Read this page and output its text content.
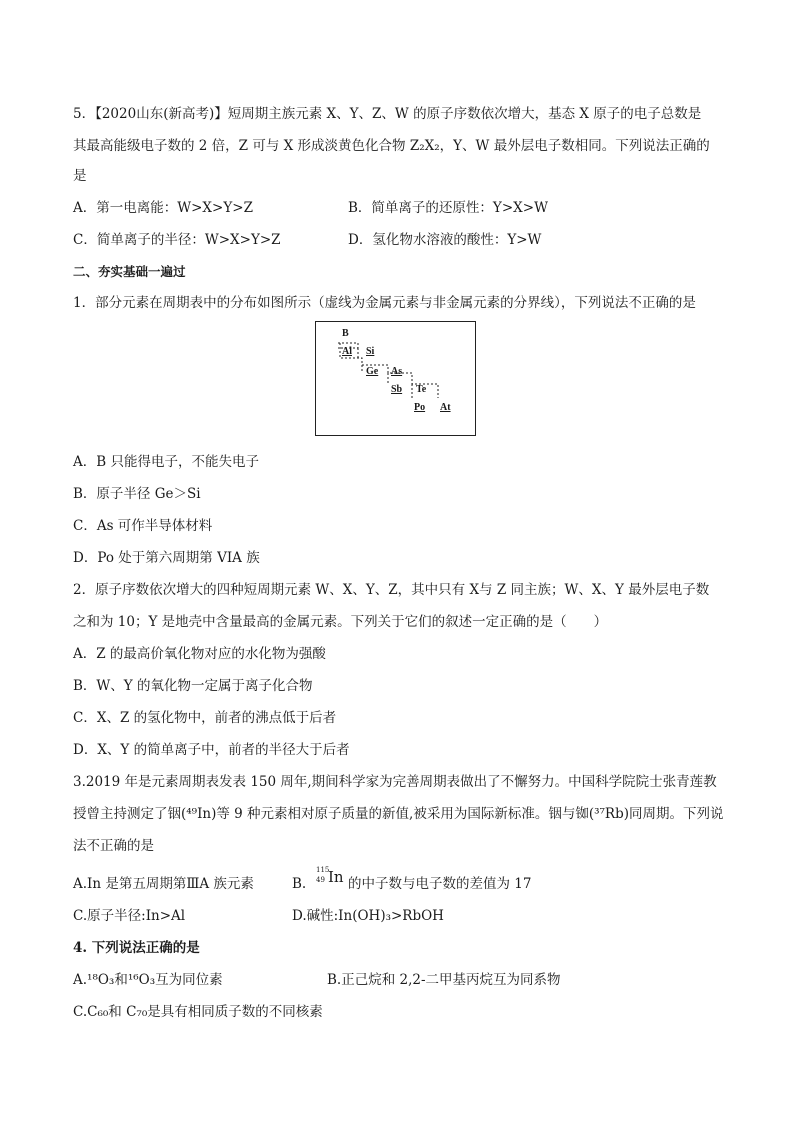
5．【2020山东(新高考)】短周期主族元素 X、Y、Z、W 的原子序数依次增大，基态 X 原子的电子总数是
其最高能级电子数的 2 倍，Z 可与 X 形成淡黄色化合物 Z₂X₂，Y、W 最外层电子数相同。下列说法正确的
是
A．第一电离能：W>X>Y>Z	B．简单离子的还原性：Y>X>W
C．简单离子的半径：W>X>Y>Z	D．氢化物水溶液的酸性：Y>W
二、夯实基础一遍过
1．部分元素在周期表中的分布如图所示（虚线为金属元素与非金属元素的分界线），下列说法不正确的是
B
Al Si
Ge As
Sb Te
Po At
A．B 只能得电子，不能失电子
B．原子半径 Ge＞Si
C．As 可作半导体材料
D．Po 处于第六周期第 VIA 族
2．原子序数依次增大的四种短周期元素 W、X、Y、Z，其中只有 X与 Z 同主族；W、X、Y 最外层电子数
之和为 10；Y 是地壳中含量最高的金属元素。下列关于它们的叙述一定正确的是（　　）
A．Z 的最高价氧化物对应的水化物为强酸
B．W、Y 的氧化物一定属于离子化合物
C．X、Z 的氢化物中，前者的沸点低于后者
D．X、Y 的简单离子中，前者的半径大于后者
3.2019 年是元素周期表发表 150 周年,期间科学家为完善周期表做出了不懈努力。中国科学院院士张青莲教
授曾主持测定了铟(⁴⁹In)等 9 种元素相对原子质量的新值,被采用为国际新标准。铟与铷(³⁷Rb)同周期。下列说
法不正确的是
A.In 是第五周期第ⅢA 族元素	B.
115
49 In 的中子数与电子数的差值为 17
C.原子半径:In>Al	D.碱性:In(OH)₃>RbOH
4. 下列说法正确的是
A.¹⁸O₃和¹⁶O₃互为同位素	B.正己烷和 2,2-二甲基丙烷互为同系物
C.C₆₀和 C₇₀是具有相同质子数的不同核素
